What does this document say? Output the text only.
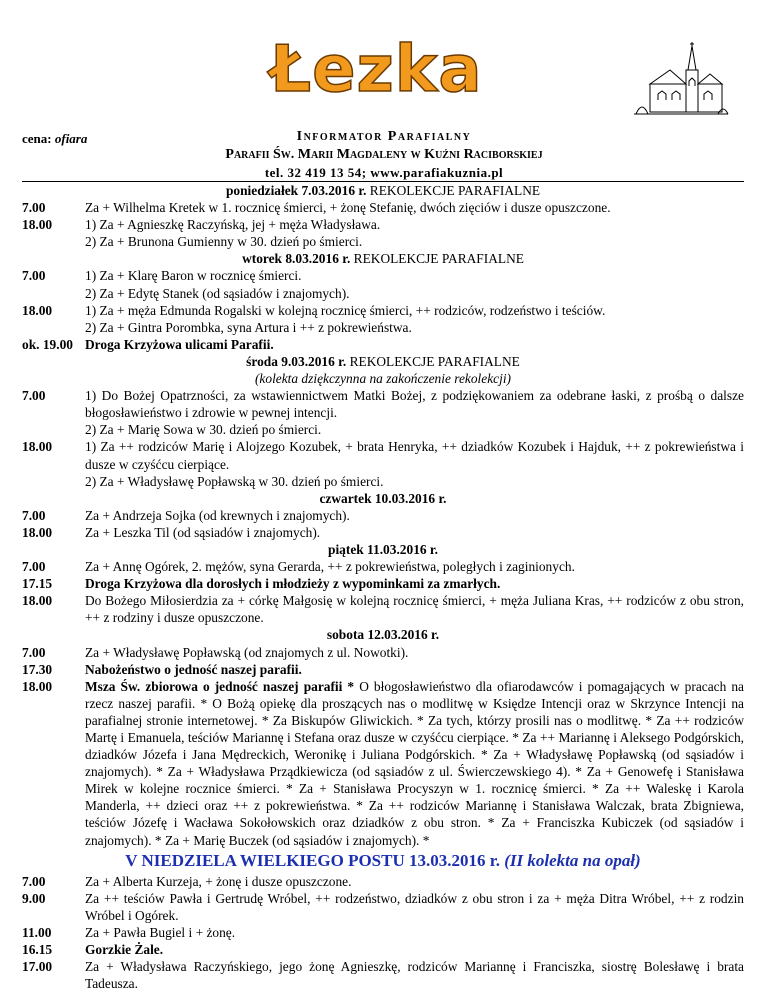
Łezka
cena: ofiara	Informator Parafialny
Parafii Św. Marii Magdaleny w Kuźni Raciborskiej
tel. 32 419 13 54; www.parafiakuznia.pl
poniedziałek 7.03.2016 r. REKOLEKCJE PARAFIALNE
7.00	Za + Wilhelma Kretek w 1. rocznicę śmierci, + żonę Stefanię, dwóch zięciów i dusze opuszczone.
18.00	1) Za + Agnieszkę Raczyńską, jej + męża Władysława.
2) Za + Brunona Gumienny w 30. dzień po śmierci.
wtorek 8.03.2016 r. REKOLEKCJE PARAFIALNE
7.00	1) Za + Klarę Baron w rocznicę śmierci.
2) Za + Edytę Stanek (od sąsiadów i znajomych).
18.00	1) Za + męża Edmunda Rogalski w kolejną rocznicę śmierci, ++ rodziców, rodzeństwo i teściów.
2) Za + Gintra Porombka, syna Artura i ++ z pokrewieństwa.
ok. 19.00 Droga Krzyżowa ulicami Parafii.
środa 9.03.2016 r. REKOLEKCJE PARAFIALNE
(kolekta dziękczynna na zakończenie rekolekcji)
7.00	1) Do Bożej Opatrzności, za wstawiennictwem Matki Bożej, z podziękowaniem za odebrane łaski, z prośbą o dalsze błogosławieństwo i zdrowie w pewnej intencji.
2) Za + Marię Sowa w 30. dzień po śmierci.
18.00	1) Za ++ rodziców Marię i Alojzego Kozubek, + brata Henryka, ++ dziadków Kozubek i Hajduk, ++ z pokrewieństwa i dusze w czyśćcu cierpiące.
2) Za + Władysławę Popławską w 30. dzień po śmierci.
czwartek 10.03.2016 r.
7.00	Za + Andrzeja Sojka (od krewnych i znajomych).
18.00	Za + Leszka Til (od sąsiadów i znajomych).
piątek 11.03.2016 r.
7.00	Za + Annę Ogórek, 2. mężów, syna Gerarda, ++ z pokrewieństwa, poległych i zaginionych.
17.15	Droga Krzyżowa dla dorosłych i młodzieży z wypominkami za zmarłych.
18.00	Do Bożego Miłosierdzia za + córkę Małgosię w kolejną rocznicę śmierci, + męża Juliana Kras, ++ rodziców z obu stron, ++ z rodziny i dusze opuszczone.
sobota 12.03.2016 r.
7.00	Za + Władysławę Popławską (od znajomych z ul. Nowotki).
17.30	Nabożeństwo o jedność naszej parafii.
18.00	Msza Św. zbiorowa o jedność naszej parafii * O błogosławieństwo dla ofiarodawców i pomagających w pracach na rzecz naszej parafii. * O Bożą opiekę dla proszących nas o modlitwę w Księdze Intencji oraz w Skrzynce Intencji na parafialnej stronie internetowej. * Za Biskupów Gliwickich. * Za tych, którzy prosili nas o modlitwę. * Za ++ rodziców Martę i Emanuela, teściów Mariannę i Stefana oraz dusze w czyśćcu cierpiące. * Za ++ Mariannę i Aleksego Podgórskich, dziadków Józefa i Jana Mędreckich, Weronikę i Juliana Podgórskich. * Za + Władysławę Popławską (od sąsiadów i znajomych). * Za + Władysława Prządkiewicza (od sąsiadów z ul. Świerczewskiego 4). * Za + Genowefę i Stanisława Mirek w kolejne rocznice śmierci. * Za + Stanisława Procyszyn w 1. rocznicę śmierci. * Za ++ Waleskę i Karola Manderla, ++ dzieci oraz ++ z pokrewieństwa. * Za ++ rodziców Mariannę i Stanisława Walczak, brata Zbigniewa, teściów Józefę i Wacława Sokołowskich oraz dziadków z obu stron. * Za + Franciszka Kubiczek (od sąsiadów i znajomych). * Za + Marię Buczek (od sąsiadów i znajomych). *
V NIEDZIELA WIELKIEGO POSTU 13.03.2016 r. (II kolekta na opał)
7.00	Za + Alberta Kurzeja, + żonę i dusze opuszczone.
9.00	Za ++ teściów Pawła i Gertrudę Wróbel, ++ rodzeństwo, dziadków z obu stron i za + męża Ditra Wróbel, ++ z rodzin Wróbel i Ogórek.
11.00	Za + Pawła Bugiel i + żonę.
16.15	Gorzkie Żale.
17.00	Za + Władysława Raczyńskiego, jego żonę Agnieszkę, rodziców Mariannę i Franciszka, siostrę Bolesławę i brata Tadeusza.
